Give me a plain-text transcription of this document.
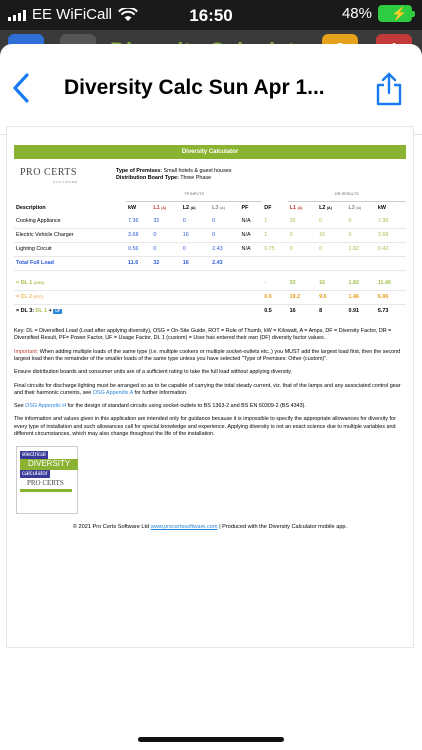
EE WiFiCall	16:50	48% ⚡
Diversity Calc Sun Apr 1...
Diversity Calculator
PRO CERTS
SOFTWARE
Type of Premises: Small hotels & guest houses
Distribution Board Type: Three Phase
	TP INPUTS						DR RESULTS			
Description	kW	L1 (A)	L2 (A)	L3 (A)	PF	DF	L1 (A)	L2 (A)	L3 (A)	kW
Cooking Appliance	7.36	32	0	0	N/A	1	32	0	0	7.36
Electric Vehicle Charger	3.68	0	16	0	N/A	1	0	16	0	3.68
Lighting Circuit	0.56	0	0	2.43	N/A	0.75	0	0	1.82	0.42
Total Full Load	11.6	32	16	2.43						

= DL 1 (OSG)						-	32	16	1.82	11.46
= DL 2 (ROT)						0.6	19.2	9.6	1.46	6.96
= DL 3: DL 1 + UF						0.5	16	8	0.91	5.73
Key: DL = Diversified Load (Load after applying diversity), OSG = On-Site Guide, ROT = Rule of Thumb, kW = Kilowatt, A = Amps, DF = Diversity Factor, DR = Diversified Result, PF= Power Factor, UF = Usage Factor, DL 1 (custom) = User has entered their own (DF) diversity factor values.
Important: When adding multiple loads of the same type (i.e. multiple cookers or multiple socket-outlets etc..) you MUST add the largest load first, then the second largest load then the remainder of the smaller loads of the same type unless you have selected "Type of Premises: Other (custom)".
Ensure distribution boards and consumer units are of a sufficient rating to take the full load without applying diversity.
Final circuits for discharge lighting must be arranged so as to be capable of carrying the total steady current, viz. that of the lamps and any associated control gear and their harmonic currents, see OSG Appendix A for further information.
See OSG Appendix H for the design of standard circuits using socket-outlets to BS 1363-2 and BS EN 60309-2 (BS 4343).
The information and values given in this application are intended only for guidance because it is impossible to specify the appropriate allowances for diversity for every type of installation and such allowances call for special knowledge and experience. Applying diversity is not an exact science due to multiple variables and different circumstances, which may also change thoughout the life of the installation.
electrical
DIVERSITY
calculator
PRO CERTS
© 2021 Pro Certs Software Ltd www.procertssoftware.com | Produced with the Diversity Calculator mobile app.
